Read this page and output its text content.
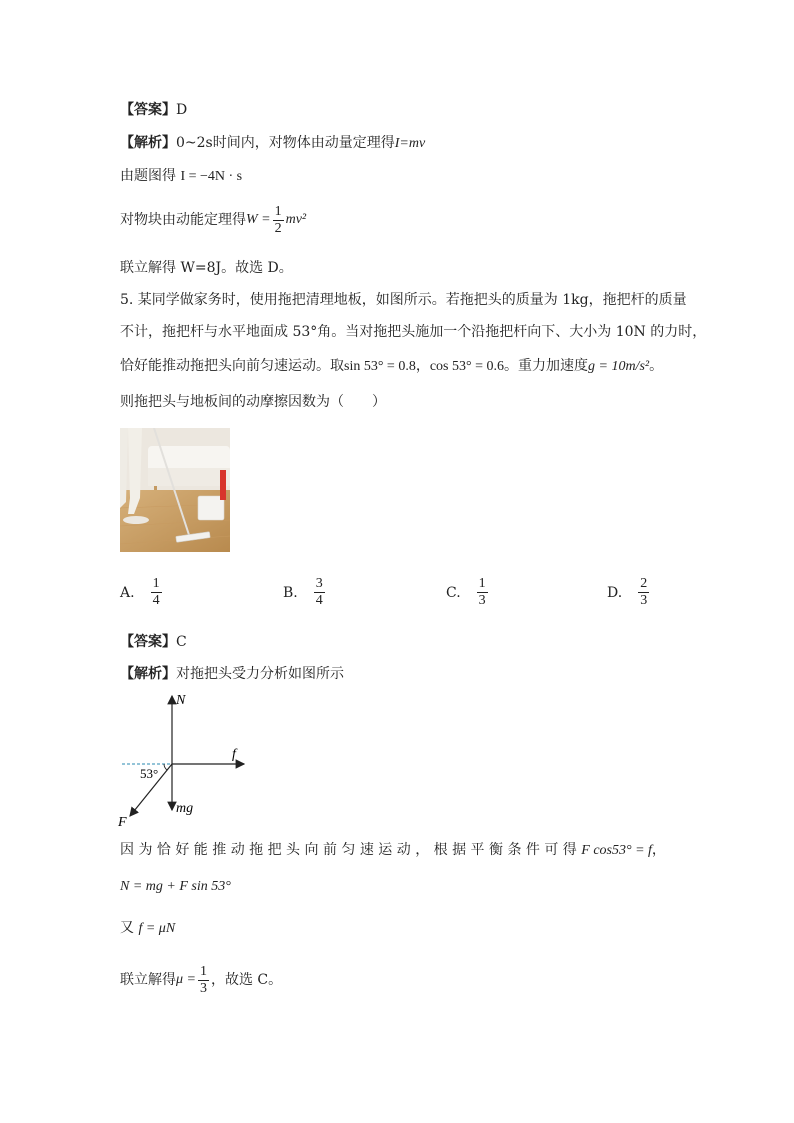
【答案】D
【解析】0~2s时间内，对物体由动量定理得I=mv
由题图得 I = −4N · s
对物块由动能定理得 $W = \frac{1}{2} mv^2$
联立解得 W=8J。故选 D。
5. 某同学做家务时，使用拖把清理地板，如图所示。若拖把头的质量为 1kg，拖把杆的质量
不计，拖把杆与水平地面成 53°角。当对拖把头施加一个沿拖把杆向下、大小为 10N 的力时，
恰好能推动拖把头向前匀速运动。取sin 53° = 0.8，cos 53° = 0.6。重力加速度g = 10m/s²。
则拖把头与地板间的动摩擦因数为（　　）
A. $\frac{1}{4}$	B. $\frac{3}{4}$	C. $\frac{1}{3}$	D. $\frac{2}{3}$
【答案】C
【解析】对拖把头受力分析如图所示
N
f
53°
mg
F
因 为 恰 好 能 推 动 拖 把 头 向 前 匀 速 运 动 ， 根 据 平 衡 条 件 可 得 F cos53° = f，
N = mg + F sin 53°
又 f = μN
联立解得 $\mu = \frac{1}{3}$ ，故选 C。
